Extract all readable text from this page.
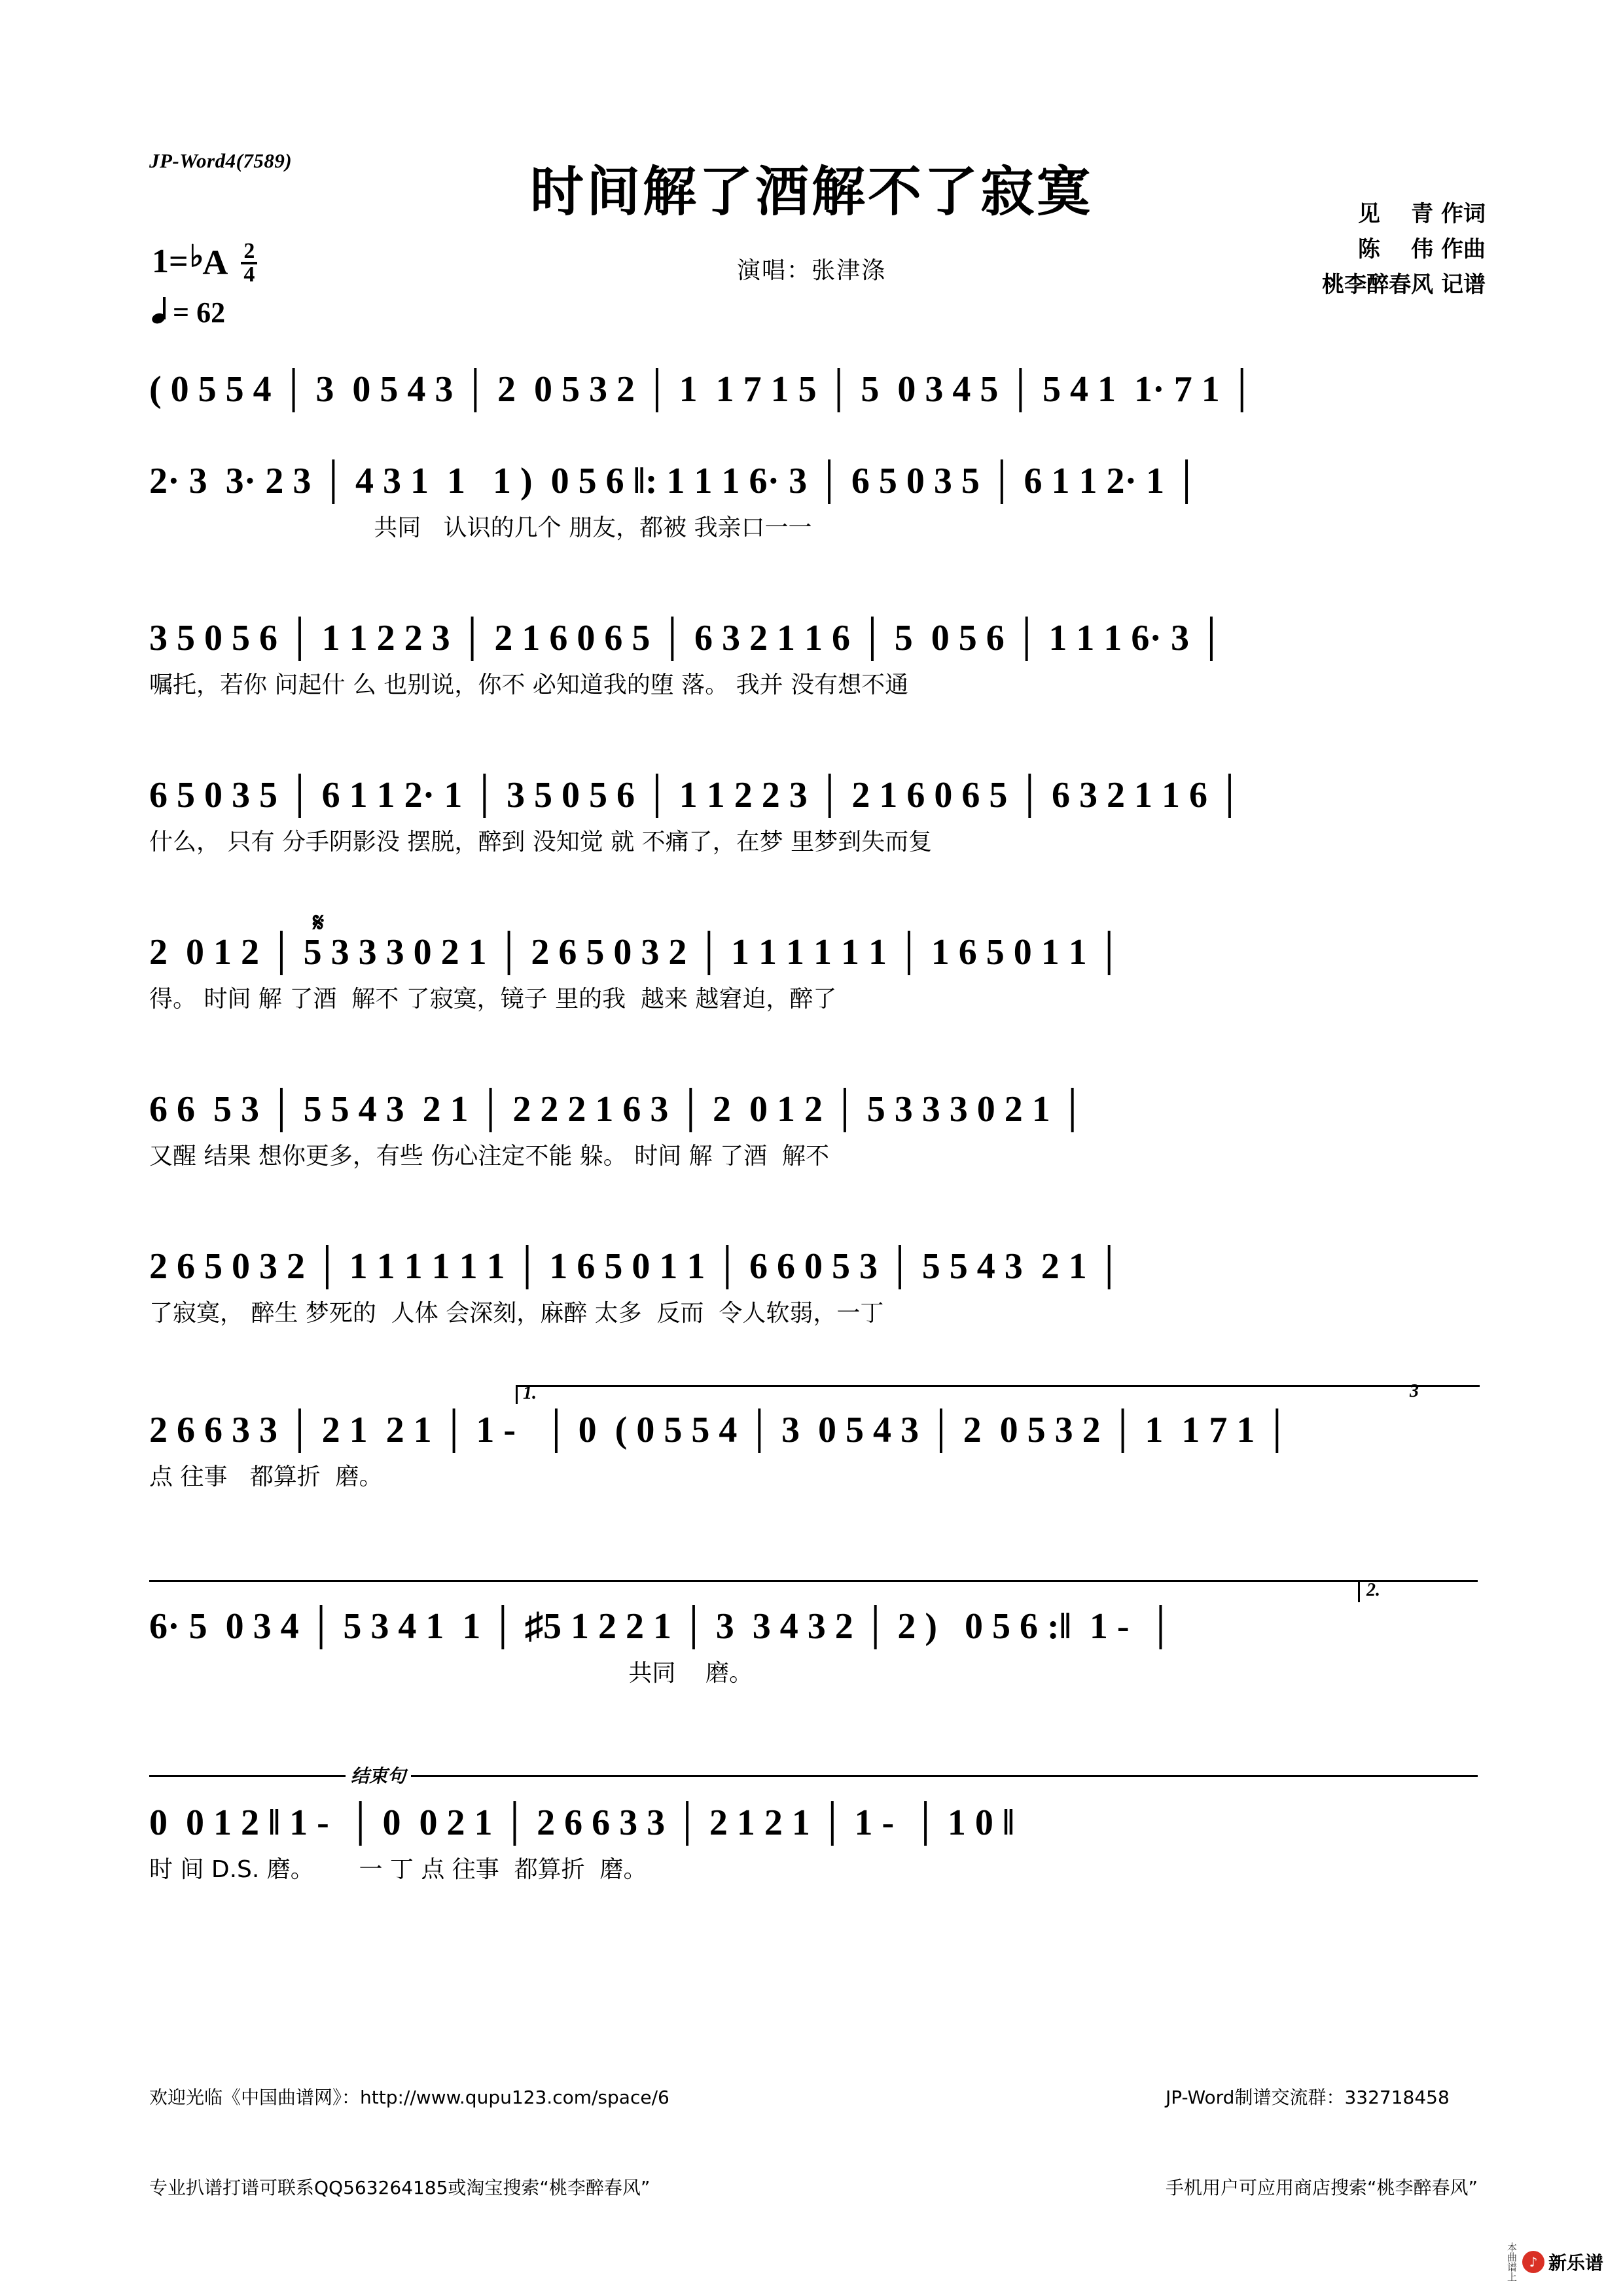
JP-Word4(7589)
时间解了酒解不了寂寞
演唱：张津涤
见    青 作词
陈    伟 作曲
桃李醉春风 记谱
1= ♭
A $\frac{2}{4}$
= 62
( 0 5 5 4 │ 3  0 5 4 3 │ 2  0 5 3 2 │ 1  1 7 1 5 │ 5  0 3 4 5 │ 5 4 1  1· 7 1 │
2· 3  3· 2 3 │ 4 3 1  1   1 )  0 5 6 ‖: 1 1 1 6· 3 │ 6 5 0 3 5 │ 6 1 1 2· 1 │
共同   认识的几个 朋友，都被 我亲口一一
3 5 0 5 6 │ 1 1 2 2 3 │ 2 1 6 0 6 5 │ 6 3 2 1 1 6 │ 5  0 5 6 │ 1 1 1 6· 3 │
嘱托，若你 问起什 么 也别说，你不 必知道我的堕 落。 我并 没有想不通
6 5 0 3 5 │ 6 1 1 2· 1 │ 3 5 0 5 6 │ 1 1 2 2 3 │ 2 1 6 0 6 5 │ 6 3 2 1 1 6 │
什么， 只有 分手阴影没 摆脱，醉到 没知觉 就 不痛了，在梦 里梦到失而复
𝄋
2  0 1 2 │ 5 3 3 3 0 2 1 │ 2 6 5 0 3 2 │ 1 1 1 1 1 1 │ 1 6 5 0 1 1 │
得。 时间 解 了酒  解不 了寂寞，镜子 里的我  越来 越窘迫，醉了
6 6  5 3 │ 5 5 4 3  2 1 │ 2 2 2 1 6 3 │ 2  0 1 2 │ 5 3 3 3 0 2 1 │
又醒 结果 想你更多，有些 伤心注定不能 躲。 时间 解 了酒  解不
2 6 5 0 3 2 │ 1 1 1 1 1 1 │ 1 6 5 0 1 1 │ 6 6 0 5 3 │ 5 5 4 3  2 1 │
了寂寞， 醉生 梦死的  人体 会深刻，麻醉 太多  反而  令人软弱，一丁
1.	3
2 6 6 3 3 │ 2 1  2 1 │ 1 -   │ 0  ( 0 5 5 4 │ 3  0 5 4 3 │ 2  0 5 3 2 │ 1  1 7 1 │
点 往事   都算折  磨。
2.
6· 5  0 3 4 │ 5 3 4 1  1 │ ♯5 1 2 2 1 │ 3  3 4 3 2 │ 2 )   0 5 6 :‖  1 -  │
共同    磨。
结束句
0  0 1 2 ‖ 1 -  │ 0  0 2 1 │ 2 6 6 3 3 │ 2 1 2 1 │ 1 -  │ 1 0 ‖
时 间 D.S. 磨。      一 丁 点 往事  都算折  磨。

欢迎光临《中国曲谱网》：http://www.qupu123.com/space/6

专业扒谱打谱可联系QQ563264185或淘宝搜索“桃李醉春风”

JP-Word制谱交流群：332718458

手机用户可应用商店搜索“桃李醉春风”

本曲谱上 ♪ 新乐谱
